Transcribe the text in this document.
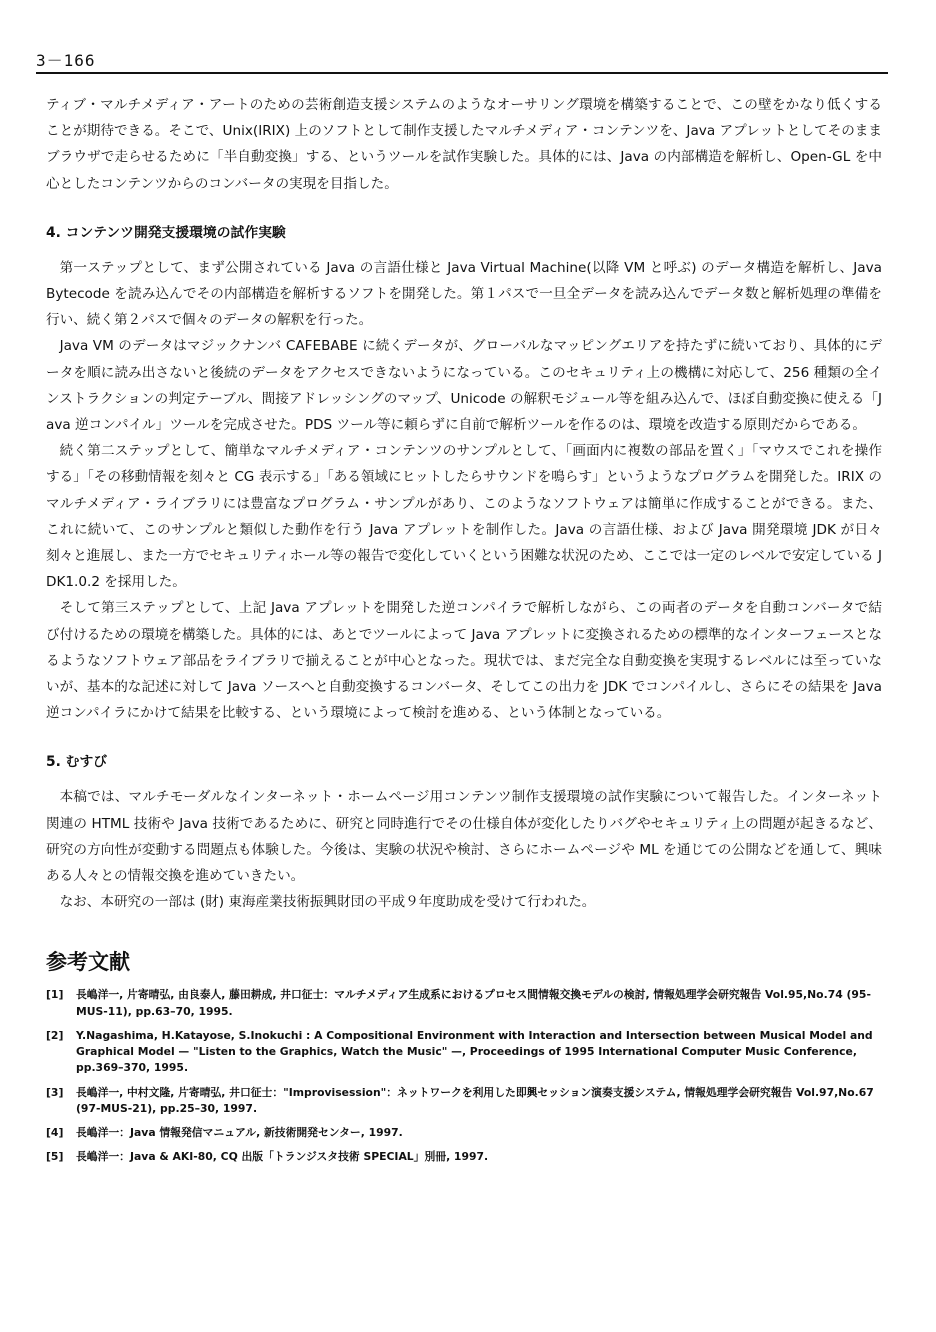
3－166

ティブ・マルチメディア・アートのための芸術創造支援システムのようなオーサリング環境を構築することで、この壁をかなり低くすることが期待できる。そこで、Unix(IRIX) 上のソフトとして制作支援したマルチメディア・コンテンツを、Java アプレットとしてそのままブラウザで走らせるために「半自動変換」する、というツールを試作実験した。具体的には、Java の内部構造を解析し、Open-GL を中心としたコンテンツからのコンバータの実現を目指した。

4. コンテンツ開発支援環境の試作実験

第一ステップとして、まず公開されている Java の言語仕様と Java Virtual Machine(以降 VM と呼ぶ) のデータ構造を解析し、Java Bytecode を読み込んでその内部構造を解析するソフトを開発した。第１パスで一旦全データを読み込んでデータ数と解析処理の準備を行い、続く第２パスで個々のデータの解釈を行った。

Java VM のデータはマジックナンバ CAFEBABE に続くデータが、グローバルなマッピングエリアを持たずに続いており、具体的にデータを順に読み出さないと後続のデータをアクセスできないようになっている。このセキュリティ上の機構に対応して、256 種類の全インストラクションの判定テーブル、間接アドレッシングのマップ、Unicode の解釈モジュール等を組み込んで、ほぼ自動変換に使える「Java 逆コンパイル」ツールを完成させた。PDS ツール等に頼らずに自前で解析ツールを作るのは、環境を改造する原則だからである。

続く第二ステップとして、簡単なマルチメディア・コンテンツのサンプルとして、「画面内に複数の部品を置く」「マウスでこれを操作する」「その移動情報を刻々と CG 表示する」「ある領域にヒットしたらサウンドを鳴らす」というようなプログラムを開発した。IRIX のマルチメディア・ライブラリには豊富なプログラム・サンプルがあり、このようなソフトウェアは簡単に作成することができる。また、これに続いて、このサンプルと類似した動作を行う Java アプレットを制作した。Java の言語仕様、および Java 開発環境 JDK が日々刻々と進展し、また一方でセキュリティホール等の報告で変化していくという困難な状況のため、ここでは一定のレベルで安定している JDK1.0.2 を採用した。

そして第三ステップとして、上記 Java アプレットを開発した逆コンパイラで解析しながら、この両者のデータを自動コンバータで結び付けるための環境を構築した。具体的には、あとでツールによって Java アプレットに変換されるための標準的なインターフェースとなるようなソフトウェア部品をライブラリで揃えることが中心となった。現状では、まだ完全な自動変換を実現するレベルには至っていないが、基本的な記述に対して Java ソースへと自動変換するコンバータ、そしてこの出力を JDK でコンパイルし、さらにその結果を Java 逆コンパイラにかけて結果を比較する、という環境によって検討を進める、という体制となっている。

5. むすび

本稿では、マルチモーダルなインターネット・ホームページ用コンテンツ制作支援環境の試作実験について報告した。インターネット関連の HTML 技術や Java 技術であるために、研究と同時進行でその仕様自体が変化したりバグやセキュリティ上の問題が起きるなど、研究の方向性が変動する問題点も体験した。今後は、実験の状況や検討、さらにホームページや ML を通じての公開などを通して、興味ある人々との情報交換を進めていきたい。

なお、本研究の一部は (財) 東海産業技術振興財団の平成９年度助成を受けて行われた。

参考文献
[1]	長嶋洋一, 片寄晴弘, 由良泰人, 藤田耕成, 井口征士：マルチメディア生成系におけるプロセス間情報交換モデルの検討, 情報処理学会研究報告 Vol.95,No.74 (95-MUS-11), pp.63–70, 1995.
[2]	Y.Nagashima, H.Katayose, S.Inokuchi : A Compositional Environment with Interaction and Intersection between Musical Model and Graphical Model — "Listen to the Graphics, Watch the Music" —, Proceedings of 1995 International Computer Music Conference, pp.369–370, 1995.
[3]	長嶋洋一, 中村文隆, 片寄晴弘, 井口征士："Improvisession"：ネットワークを利用した即興セッション演奏支援システム, 情報処理学会研究報告 Vol.97,No.67 (97-MUS-21), pp.25–30, 1997.
[4]	長嶋洋一：Java 情報発信マニュアル, 新技術開発センター, 1997.
[5]	長嶋洋一：Java & AKI-80, CQ 出版「トランジスタ技術 SPECIAL」別冊, 1997.
